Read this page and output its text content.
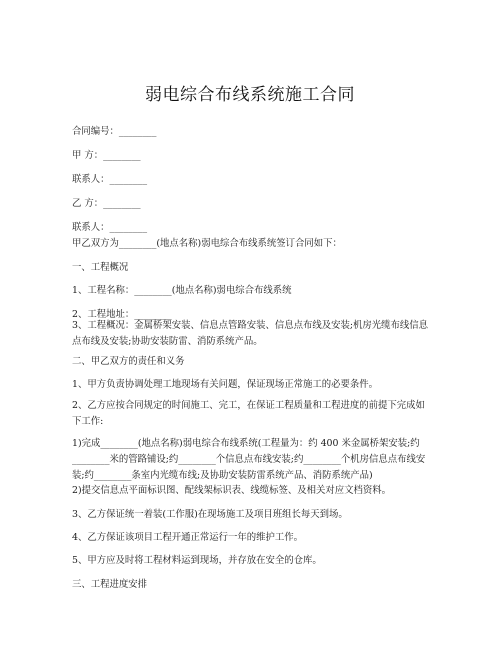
弱电综合布线系统施工合同
合同编号：________
甲 方：________
联系人：________
乙 方：________
联系人：________
甲乙双方为________(地点名称)弱电综合布线系统签订合同如下：
一、工程概况
1、工程名称：________(地点名称)弱电综合布线系统
2、工程地址：________
3、工程概况：金属桥架安装、信息点管路安装、信息点布线及安装;机房光缆布线信息点布线及安装;协助安装防雷、消防系统产品。
二、甲乙双方的责任和义务
1、甲方负责协调处理工地现场有关问题，保证现场正常施工的必要条件。
2、乙方应按合同规定的时间施工、完工，在保证工程质量和工程进度的前提下完成如下工作:
1)完成________(地点名称)弱电综合布线系统(工程量为：约 400 米金属桥架安装;约________米的管路铺设;约________个信息点布线安装;约________个机房信息点布线安装;约________条室内光缆布线;及协助安装防雷系统产品、消防系统产品)
2)提交信息点平面标识图、配线架标识表、线缆标签、及相关对应文档资料。
3、乙方保证统一着装(工作服)在现场施工及项目班组长每天到场。
4、乙方保证该项目工程开通正常运行一年的维护工作。
5、甲方应及时将工程材料运到现场，并存放在安全的仓库。
三、工程进度安排
